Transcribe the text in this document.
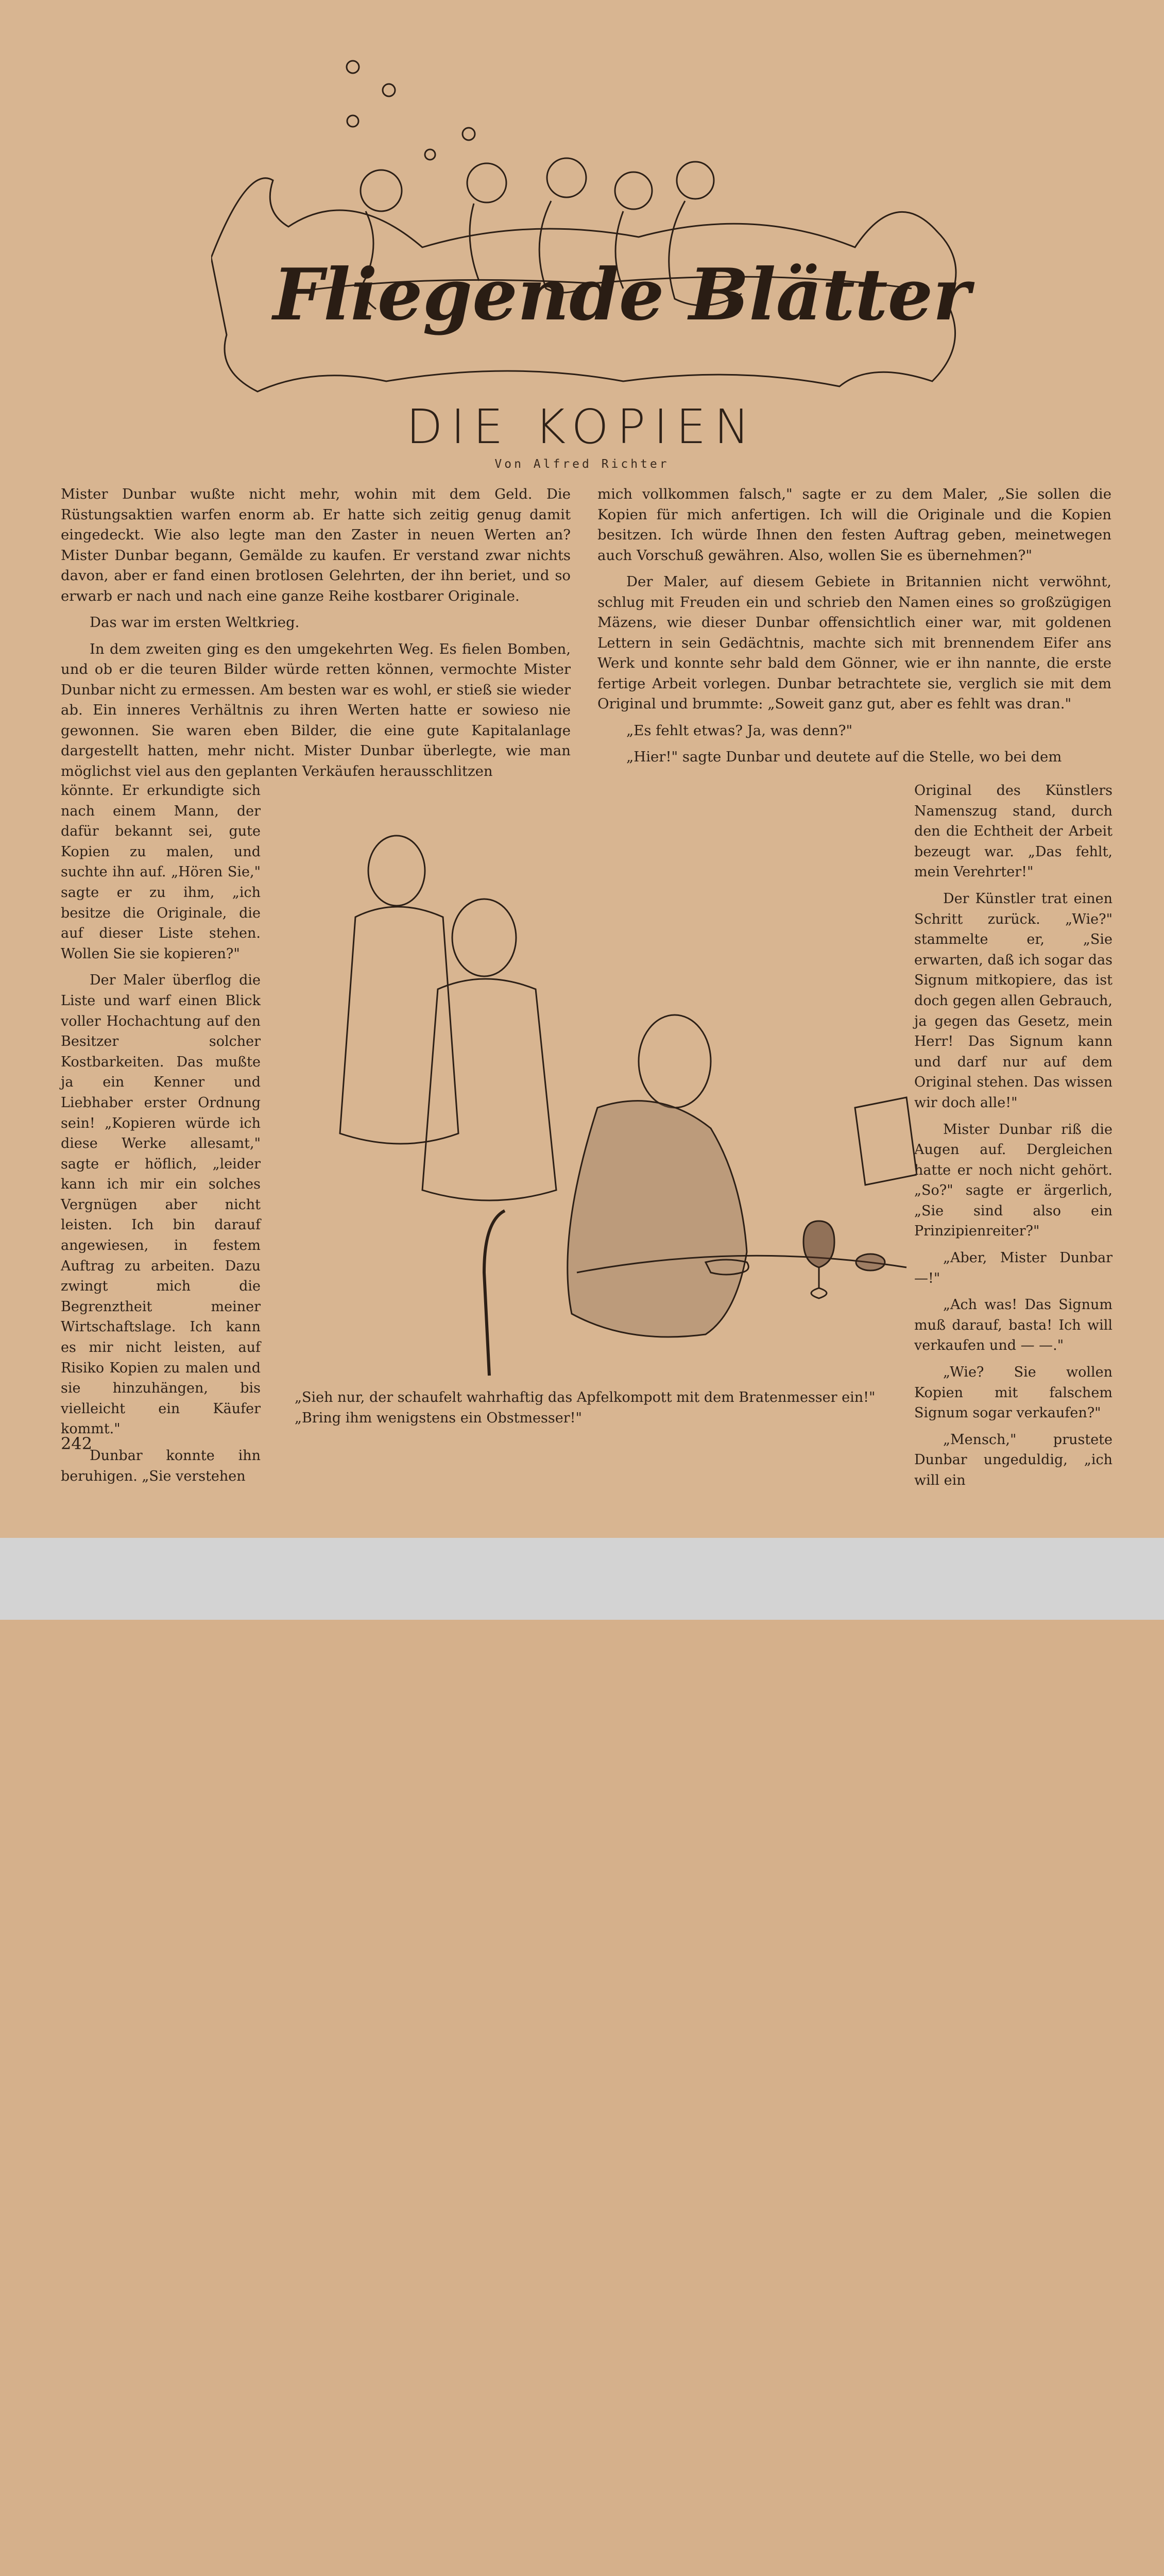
Fliegende Blätter
DIE KOPIEN
Von Alfred Richter

Mister Dunbar wußte nicht mehr, wohin mit dem Geld. Die Rüstungsaktien warfen enorm ab. Er hatte sich zeitig genug damit eingedeckt. Wie also legte man den Zaster in neuen Werten an? Mister Dunbar begann, Gemälde zu kaufen. Er verstand zwar nichts davon, aber er fand einen brotlosen Gelehrten, der ihn beriet, und so erwarb er nach und nach eine ganze Reihe kostbarer Originale.

Das war im ersten Weltkrieg.

In dem zweiten ging es den umgekehrten Weg. Es fielen Bomben, und ob er die teuren Bilder würde retten können, vermochte Mister Dunbar nicht zu ermessen. Am besten war es wohl, er stieß sie wieder ab. Ein inneres Verhältnis zu ihren Werten hatte er sowieso nie gewonnen. Sie waren eben Bilder, die eine gute Kapitalanlage dargestellt hatten, mehr nicht. Mister Dunbar überlegte, wie man möglichst viel aus den geplanten Verkäufen herausschlitzen

mich vollkommen falsch," sagte er zu dem Maler, „Sie sollen die Kopien für mich anfertigen. Ich will die Originale und die Kopien besitzen. Ich würde Ihnen den festen Auftrag geben, meinetwegen auch Vorschuß gewähren. Also, wollen Sie es übernehmen?"

Der Maler, auf diesem Gebiete in Britannien nicht verwöhnt, schlug mit Freuden ein und schrieb den Namen eines so großzügigen Mäzens, wie dieser Dunbar offensichtlich einer war, mit goldenen Lettern in sein Gedächtnis, machte sich mit brennendem Eifer ans Werk und konnte sehr bald dem Gönner, wie er ihn nannte, die erste fertige Arbeit vorlegen. Dunbar betrachtete sie, verglich sie mit dem Original und brummte: „Soweit ganz gut, aber es fehlt was dran."

„Es fehlt etwas? Ja, was denn?"

„Hier!" sagte Dunbar und deutete auf die Stelle, wo bei dem

könnte. Er erkundigte sich nach einem Mann, der dafür bekannt sei, gute Kopien zu malen, und suchte ihn auf. „Hören Sie," sagte er zu ihm, „ich besitze die Originale, die auf dieser Liste stehen. Wollen Sie sie kopieren?"

Der Maler überflog die Liste und warf einen Blick voller Hochachtung auf den Besitzer solcher Kostbarkeiten. Das mußte ja ein Kenner und Liebhaber erster Ordnung sein! „Kopieren würde ich diese Werke allesamt," sagte er höflich, „leider kann ich mir ein solches Vergnügen aber nicht leisten. Ich bin darauf angewiesen, in festem Auftrag zu arbeiten. Dazu zwingt mich die Begrenztheit meiner Wirtschaftslage. Ich kann es mir nicht leisten, auf Risiko Kopien zu malen und sie hinzuhängen, bis vielleicht ein Käufer kommt."

Dunbar konnte ihn beruhigen. „Sie verstehen

Original des Künstlers Namenszug stand, durch den die Echtheit der Arbeit bezeugt war. „Das fehlt, mein Verehrter!"

Der Künstler trat einen Schritt zurück. „Wie?" stammelte er, „Sie erwarten, daß ich sogar das Signum mitkopiere, das ist doch gegen allen Gebrauch, ja gegen das Gesetz, mein Herr! Das Signum kann und darf nur auf dem Original stehen. Das wissen wir doch alle!"

Mister Dunbar riß die Augen auf. Dergleichen hatte er noch nicht gehört. „So?" sagte er ärgerlich, „Sie sind also ein Prinzipienreiter?"

„Aber, Mister Dunbar —!"

„Ach was! Das Signum muß darauf, basta! Ich will verkaufen und — —."

„Wie? Sie wollen Kopien mit falschem Signum sogar verkaufen?"

„Mensch," prustete Dunbar ungeduldig, „ich will ein

„Sieh nur, der schaufelt wahrhaftig das Apfelkompott mit dem Bratenmesser ein!"
„Bring ihm wenigstens ein Obstmesser!"
242
